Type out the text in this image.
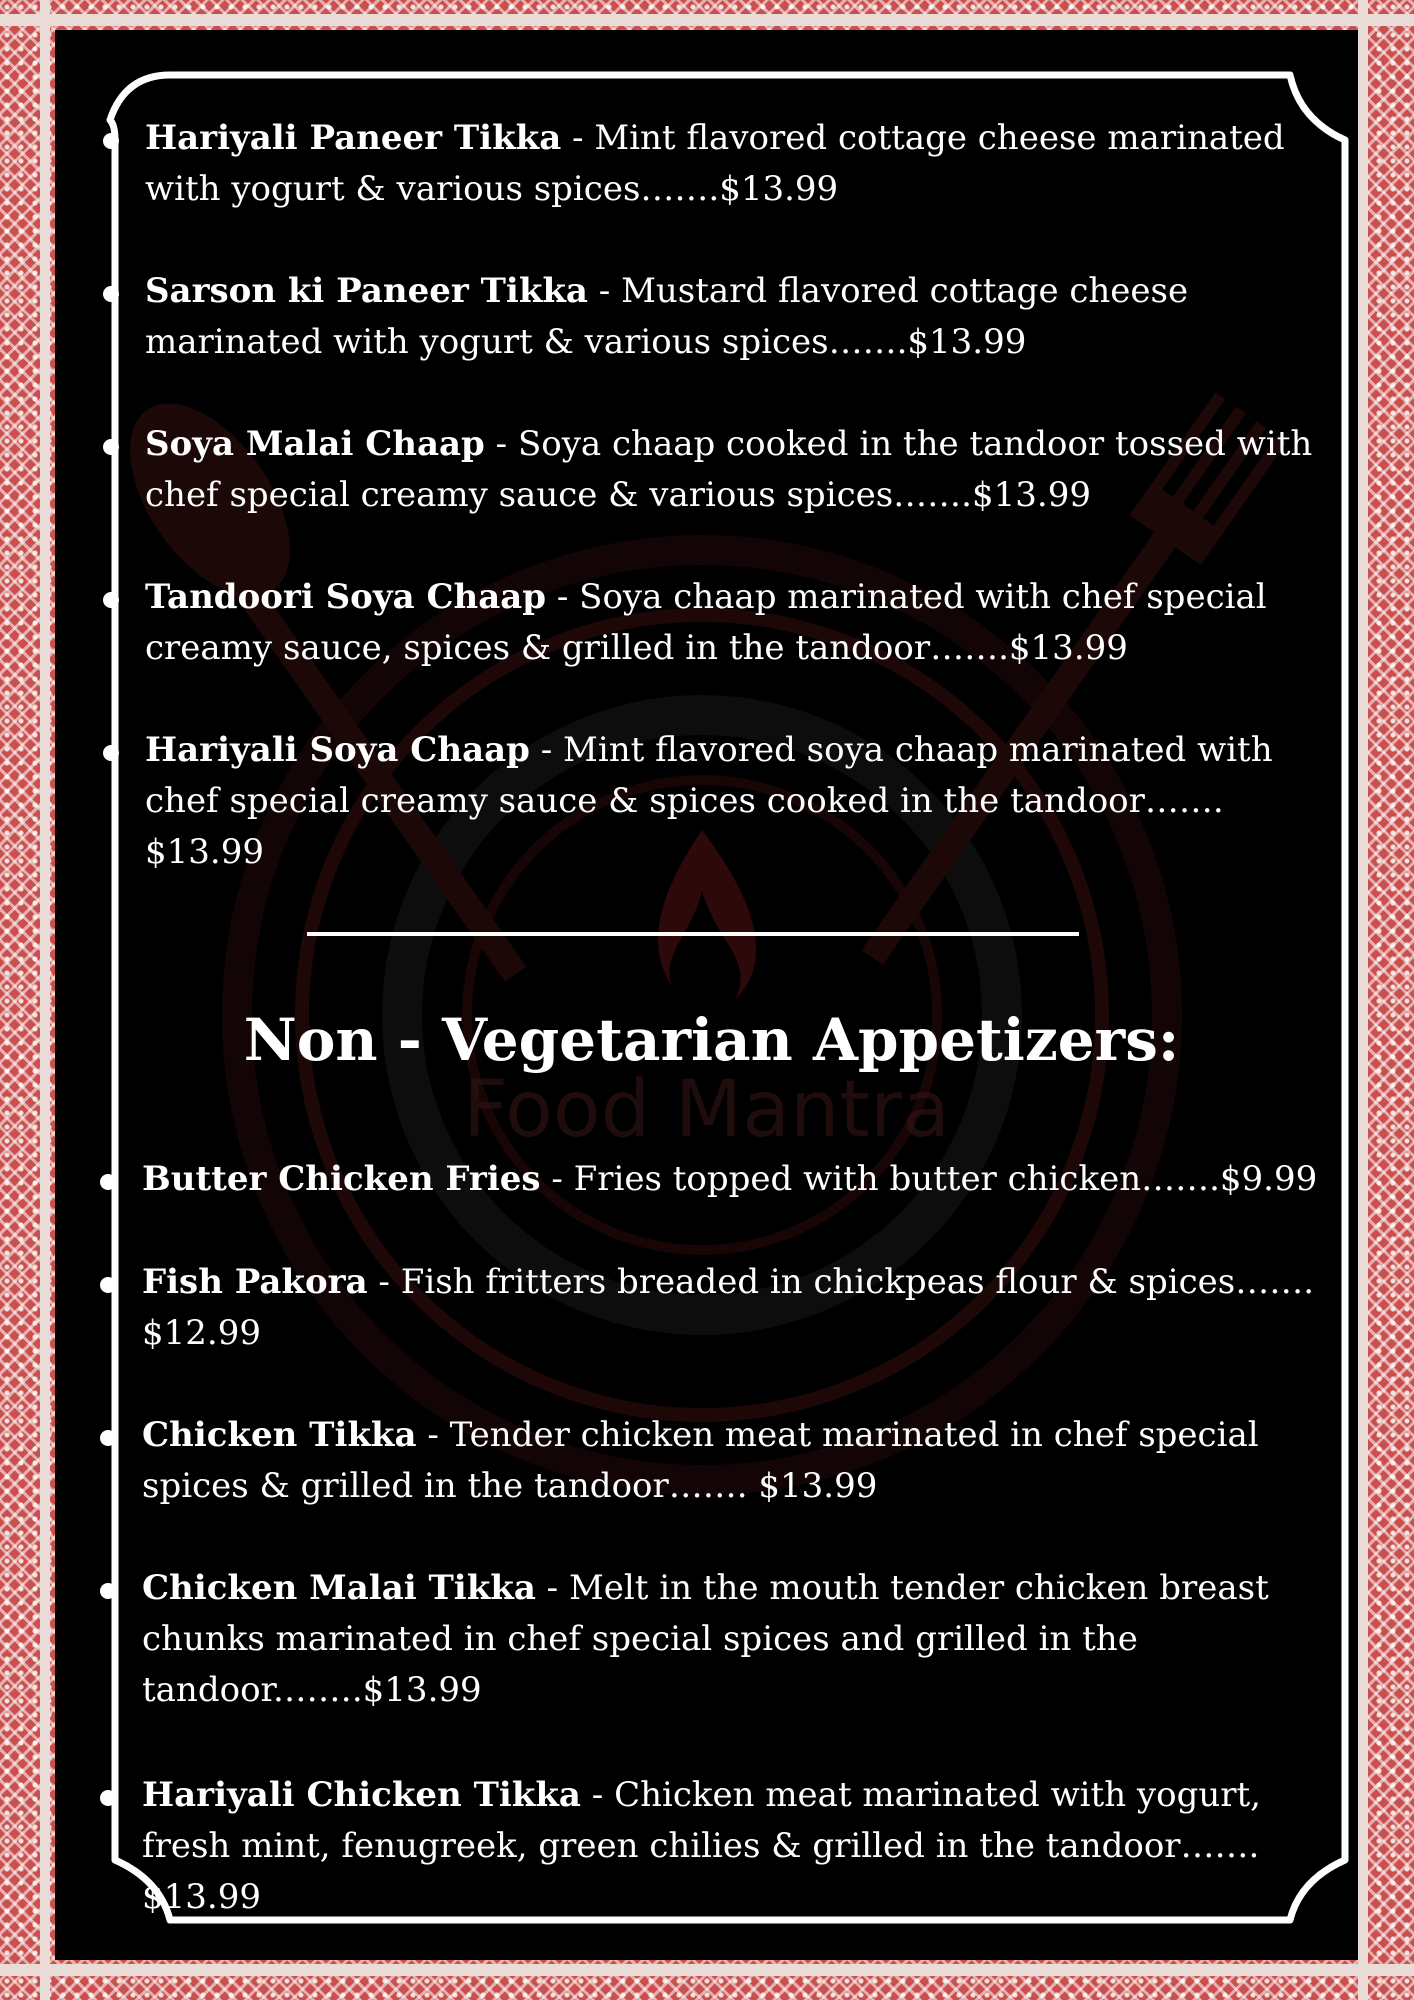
Food Mantra
Hariyali Paneer Tikka - Mint flavored cottage cheese marinated with yogurt & various spices…….$13.99
Sarson ki Paneer Tikka - Mustard flavored cottage cheese marinated with yogurt & various spices…….$13.99
Soya Malai Chaap - Soya chaap cooked in the tandoor tossed with chef special creamy sauce & various spices…….$13.99
Tandoori Soya Chaap - Soya chaap marinated with chef special creamy sauce, spices & grilled in the tandoor…….$13.99
Hariyali Soya Chaap - Mint flavored soya chaap marinated with chef special creamy sauce & spices cooked in the tandoor……. $13.99
Non - Vegetarian Appetizers:
Butter Chicken Fries - Fries topped with butter chicken…….$9.99
Fish Pakora - Fish fritters breaded in chickpeas flour & spices……. $12.99
Chicken Tikka - Tender chicken meat marinated in chef special spices & grilled in the tandoor……. $13.99
Chicken Malai Tikka - Melt in the mouth tender chicken breast chunks marinated in chef special spices and grilled in the tandoor.…….$13.99
Hariyali Chicken Tikka - Chicken meat marinated with yogurt, fresh mint, fenugreek, green chilies & grilled in the tandoor……. $13.99
